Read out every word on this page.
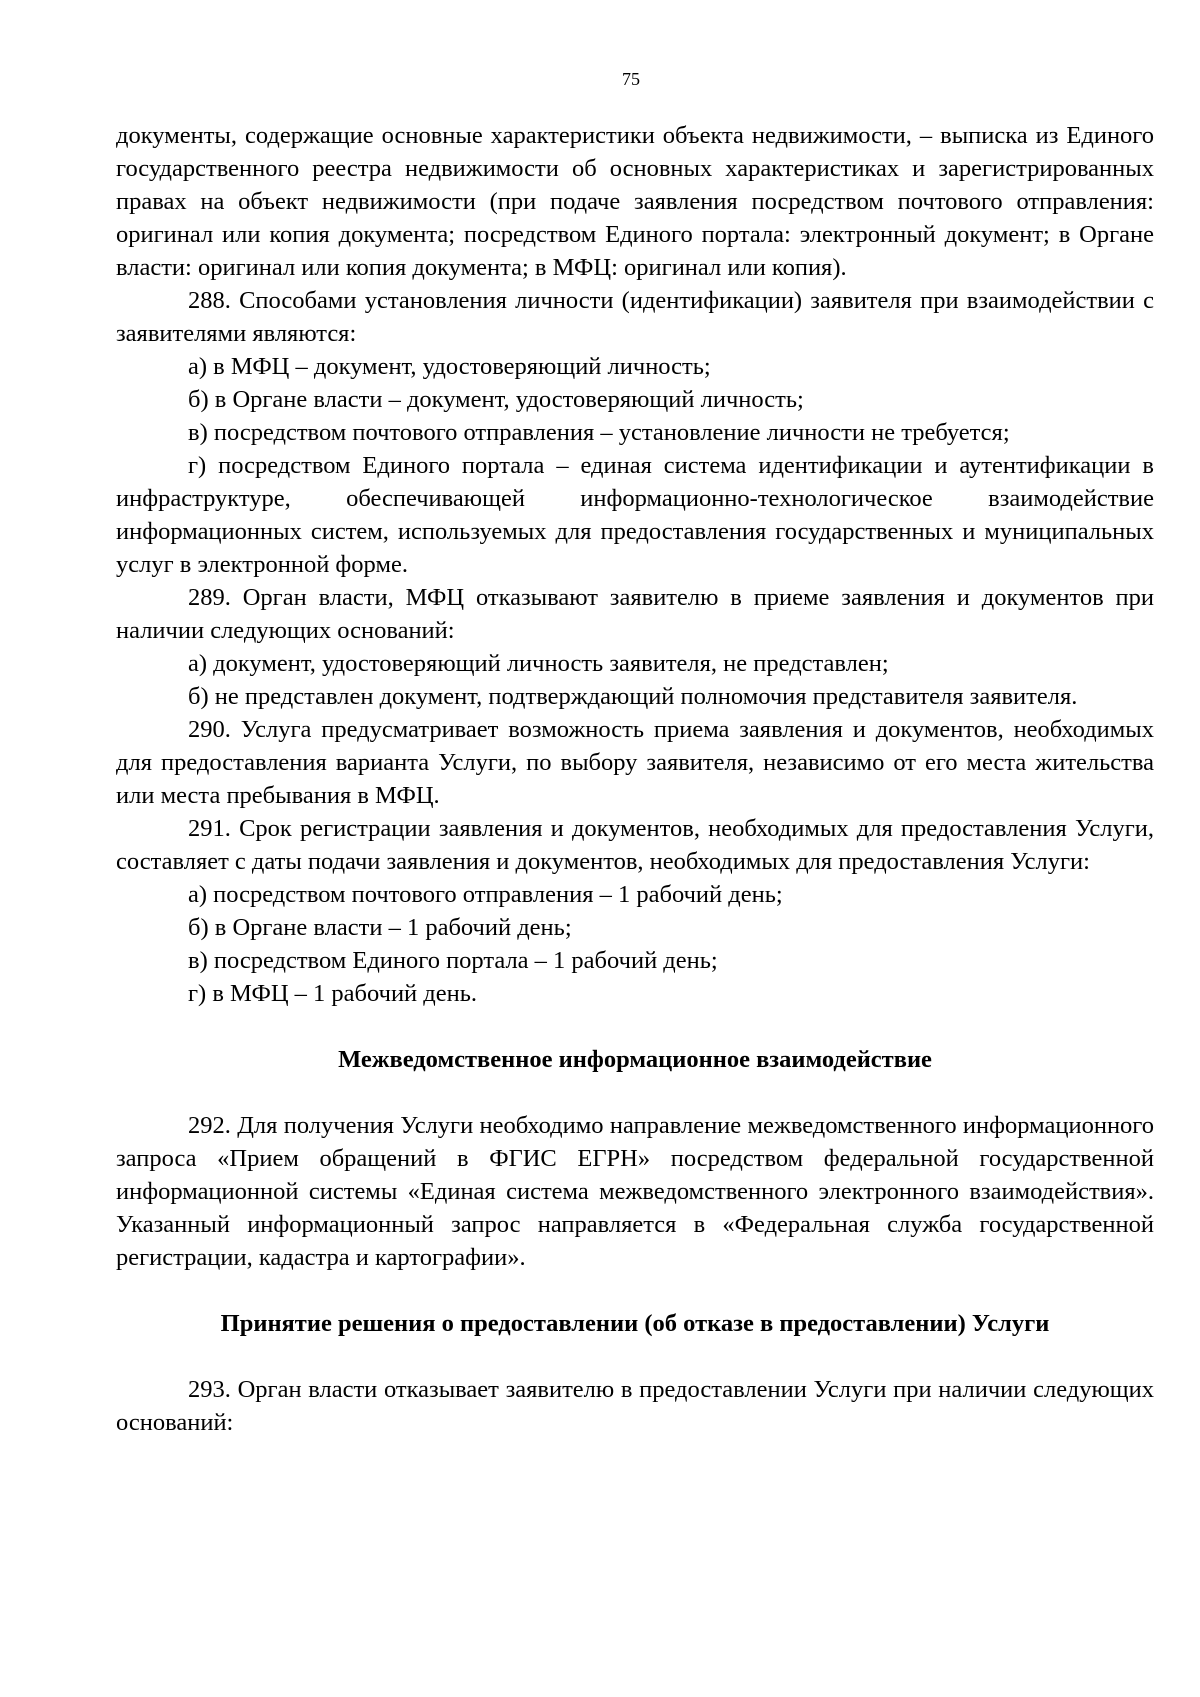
75

документы, содержащие основные характеристики объекта недвижимости, – выписка из Единого государственного реестра недвижимости об основных характеристиках и зарегистрированных правах на объект недвижимости (при подаче заявления посредством почтового отправления: оригинал или копия документа; посредством Единого портала: электронный документ; в Органе власти: оригинал или копия документа; в МФЦ: оригинал или копия).

288. Способами установления личности (идентификации) заявителя при взаимодействии с заявителями являются:

а) в МФЦ – документ, удостоверяющий личность;

б) в Органе власти – документ, удостоверяющий личность;

в) посредством почтового отправления – установление личности не требуется;

г) посредством Единого портала – единая система идентификации и аутентификации в инфраструктуре, обеспечивающей информационно-технологическое взаимодействие информационных систем, используемых для предоставления государственных и муниципальных услуг в электронной форме.

289. Орган власти, МФЦ отказывают заявителю в приеме заявления и документов при наличии следующих оснований:

а) документ, удостоверяющий личность заявителя, не представлен;

б) не представлен документ, подтверждающий полномочия представителя заявителя.

290. Услуга предусматривает возможность приема заявления и документов, необходимых для предоставления варианта Услуги, по выбору заявителя, независимо от его места жительства или места пребывания в МФЦ.

291. Срок регистрации заявления и документов, необходимых для предоставления Услуги, составляет с даты подачи заявления и документов, необходимых для предоставления Услуги:

а) посредством почтового отправления – 1 рабочий день;

б) в Органе власти – 1 рабочий день;

в) посредством Единого портала – 1 рабочий день;

г) в МФЦ – 1 рабочий день.

Межведомственное информационное взаимодействие

292. Для получения Услуги необходимо направление межведомственного информационного запроса «Прием обращений в ФГИС ЕГРН» посредством федеральной государственной информационной системы «Единая система межведомственного электронного взаимодействия». Указанный информационный запрос направляется в «Федеральная служба государственной регистрации, кадастра и картографии».

Принятие решения о предоставлении (об отказе в предоставлении) Услуги

293. Орган власти отказывает заявителю в предоставлении Услуги при наличии следующих оснований:
